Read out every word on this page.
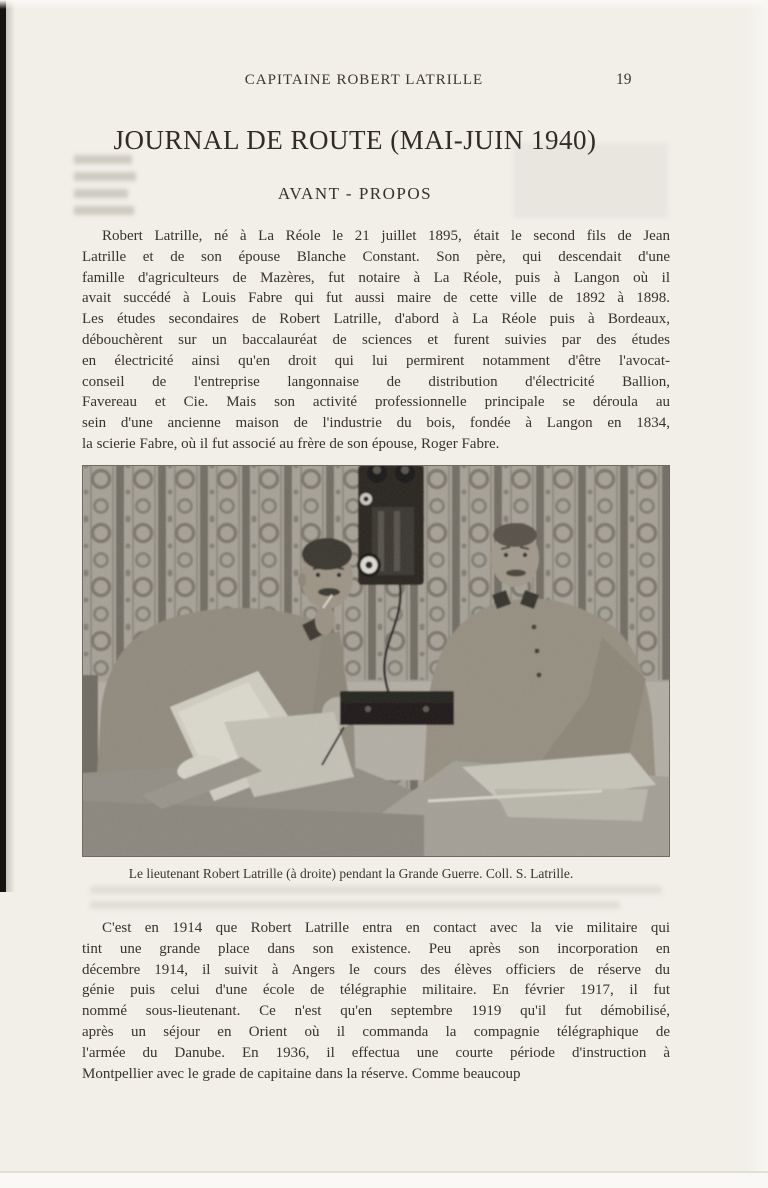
CAPITAINE ROBERT LATRILLE	19
JOURNAL DE ROUTE (MAI-JUIN 1940)
AVANT - PROPOS
Robert Latrille, né à La Réole le 21 juillet 1895, était le second fils de Jean
Latrille et de son épouse Blanche Constant. Son père, qui descendait d'une
famille d'agriculteurs de Mazères, fut notaire à La Réole, puis à Langon où il
avait succédé à Louis Fabre qui fut aussi maire de cette ville de 1892 à 1898.
Les études secondaires de Robert Latrille, d'abord à La Réole puis à Bordeaux,
débouchèrent sur un baccalauréat de sciences et furent suivies par des études
en électricité ainsi qu'en droit qui lui permirent notamment d'être l'avocat-
conseil de l'entreprise langonnaise de distribution d'électricité Ballion,
Favereau et Cie. Mais son activité professionnelle principale se déroula au
sein d'une ancienne maison de l'industrie du bois, fondée à Langon en 1834,
la scierie Fabre, où il fut associé au frère de son épouse, Roger Fabre.
Le lieutenant Robert Latrille (à droite) pendant la Grande Guerre. Coll. S. Latrille.
C'est en 1914 que Robert Latrille entra en contact avec la vie militaire qui
tint une grande place dans son existence. Peu après son incorporation en
décembre 1914, il suivit à Angers le cours des élèves officiers de réserve du
génie puis celui d'une école de télégraphie militaire. En février 1917, il fut
nommé sous-lieutenant. Ce n'est qu'en septembre 1919 qu'il fut démobilisé,
après un séjour en Orient où il commanda la compagnie télégraphique de
l'armée du Danube. En 1936, il effectua une courte période d'instruction à
Montpellier avec le grade de capitaine dans la réserve. Comme beaucoup
